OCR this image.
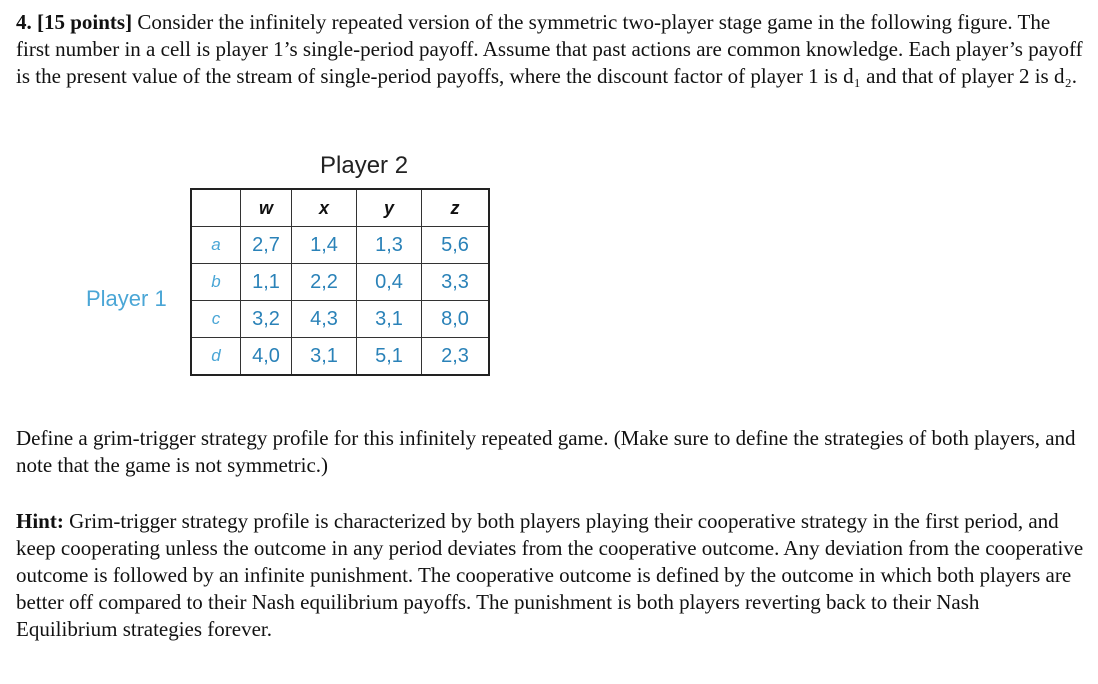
4. [15 points] Consider the infinitely repeated version of the symmetric two-player stage game in the following figure. The first number in a cell is player 1’s single-period payoff. Assume that past actions are common knowledge. Each player’s payoff is the present value of the stream of single-period payoffs, where the discount factor of player 1 is d₁ and that of player 2 is d₂.

Player 2
Player 1
	w	x	y	z
a	2,7	1,4	1,3	5,6
b	1,1	2,2	0,4	3,3
c	3,2	4,3	3,1	8,0
d	4,0	3,1	5,1	2,3

Define a grim-trigger strategy profile for this infinitely repeated game. (Make sure to define the strategies of both players, and note that the game is not symmetric.)

Hint: Grim-trigger strategy profile is characterized by both players playing their cooperative strategy in the first period, and keep cooperating unless the outcome in any period deviates from the cooperative outcome. Any deviation from the cooperative outcome is followed by an infinite punishment. The cooperative outcome is defined by the outcome in which both players are better off compared to their Nash equilibrium payoffs. The punishment is both players reverting back to their Nash Equilibrium strategies forever.
